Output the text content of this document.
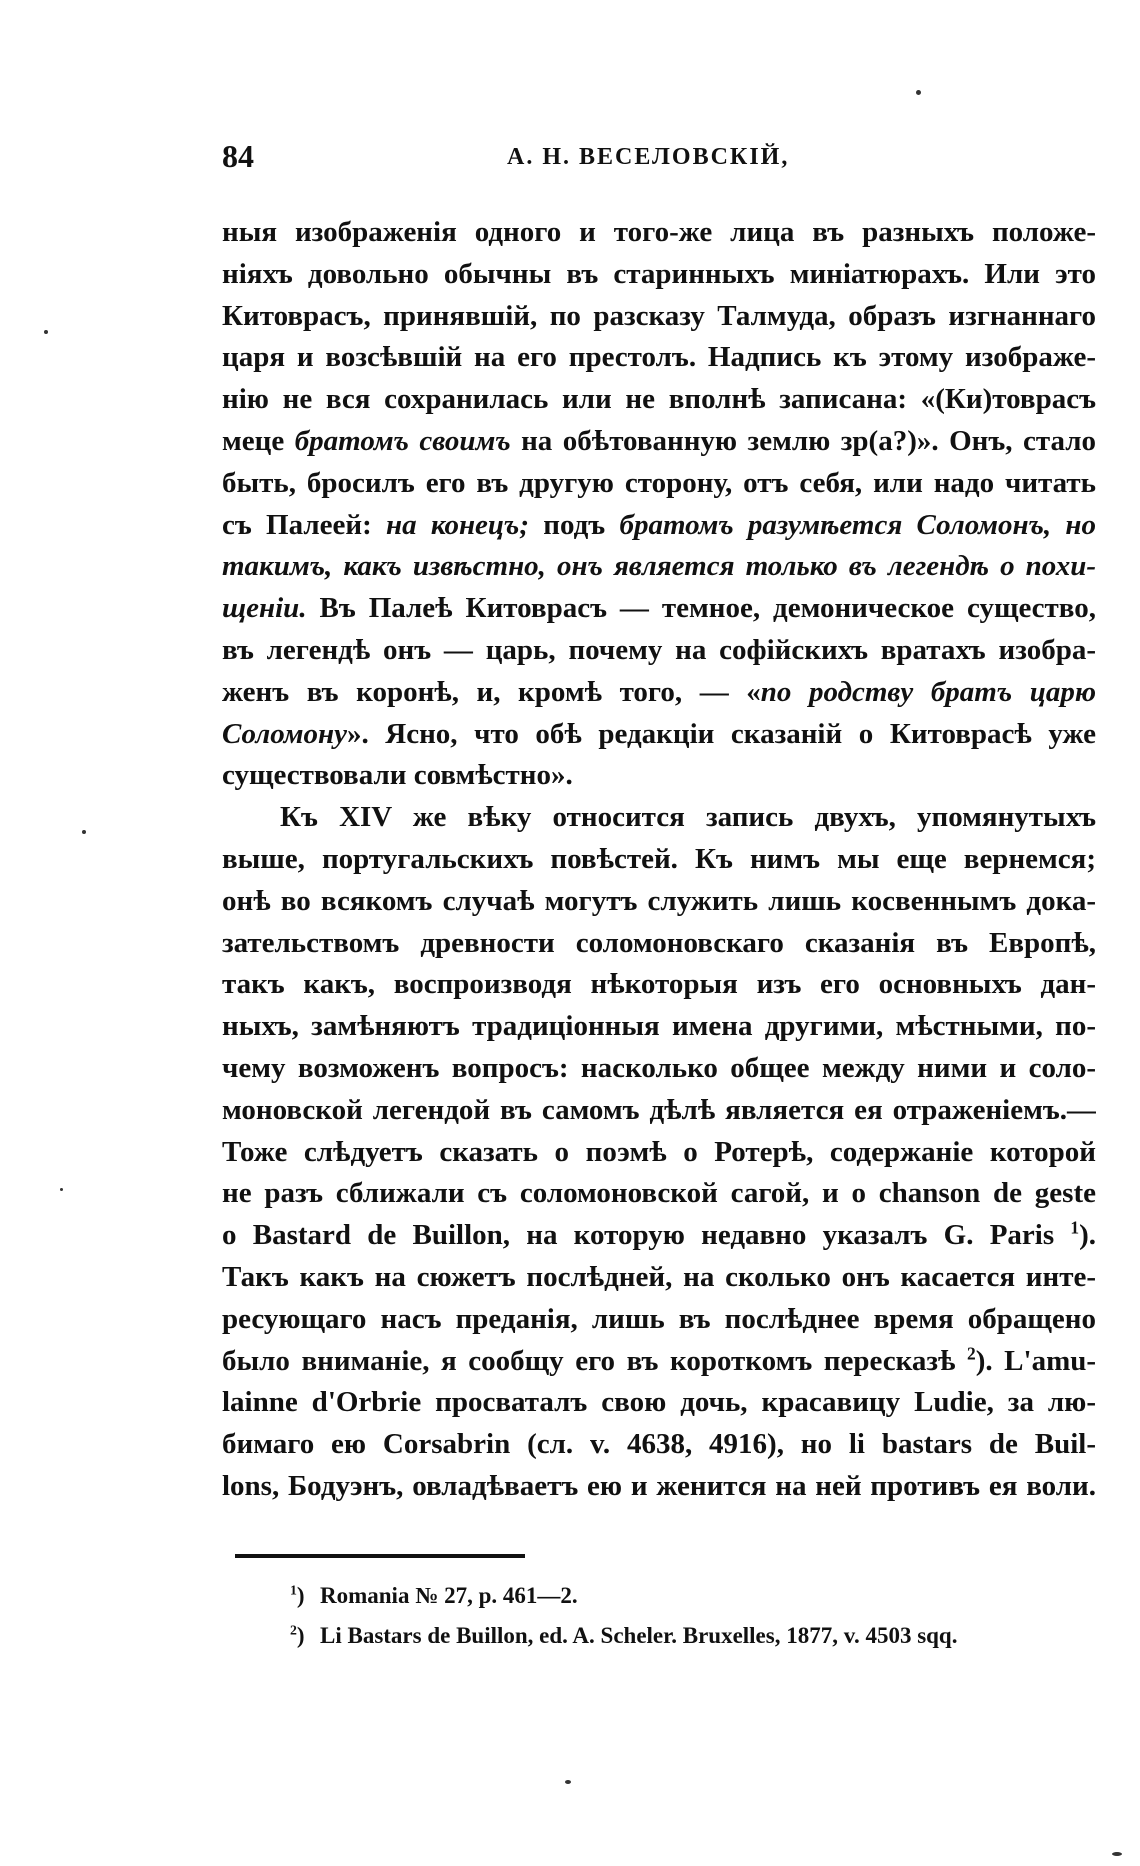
84	А. Н. ВЕСЕЛОВСКІЙ,
ныя изображенія одного и того-же лица въ разныхъ положе-
ніяхъ довольно обычны въ старинныхъ миніатюрахъ. Или это
Китоврасъ, принявшій, по разсказу Талмуда, образъ изгнаннаго
царя и возсѣвшій на его престолъ. Надпись къ этому изображе-
нію не вся сохранилась или не вполнѣ записана: «(Ки)товрасъ
меце братомъ своимъ на обѣтованную землю зр(а?)». Онъ, стало
быть, бросилъ его въ другую сторону, отъ себя, или надо читать
съ Палеей: на конецъ; подъ братомъ разумѣется Соломонъ, но
такимъ, какъ извѣстно, онъ является только въ легендѣ о похи-
щеніи. Въ Палеѣ Китоврасъ — темное, демоническое существо,
въ легендѣ онъ — царь, почему на софійскихъ вратахъ изобра-
женъ въ коронѣ, и, кромѣ того, — «по родству братъ царю
Соломону». Ясно, что обѣ редакціи сказаній о Китоврасѣ уже
существовали совмѣстно».
Къ XIV же вѣку относится запись двухъ, упомянутыхъ
выше, португальскихъ повѣстей. Къ нимъ мы еще вернемся;
онѣ во всякомъ случаѣ могутъ служить лишь косвеннымъ дока-
зательствомъ древности соломоновскаго сказанія въ Европѣ,
такъ какъ, воспроизводя нѣкоторыя изъ его основныхъ дан-
ныхъ, замѣняютъ традиціонныя имена другими, мѣстными, по-
чему возможенъ вопросъ: насколько общее между ними и соло-
моновской легендой въ самомъ дѣлѣ является ея отраженіемъ.—
Тоже слѣдуетъ сказать о поэмѣ о Ротерѣ, содержаніе которой
не разъ сближали съ соломоновской сагой, и о chanson de geste
о Bastard de Buillon, на которую недавно указалъ G. Paris $^1$).
Такъ какъ на сюжетъ послѣдней, на сколько онъ касается инте-
ресующаго насъ преданія, лишь въ послѣднее время обращено
было вниманіе, я сообщу его въ короткомъ пересказѣ $^2$). L'amu-
lainne d'Orbrie просваталъ свою дочь, красавицу Ludie, за лю-
бимаго ею Corsabrin (сл. v. 4638, 4916), но li bastars de Buil-
lons, Бодуэнъ, овладѣваетъ ею и женится на ней противъ ея воли.
$^1$) Romania № 27, p. 461—2.
$^2$) Li Bastars de Buillon, ed. A. Scheler. Bruxelles, 1877, v. 4503 sqq.
